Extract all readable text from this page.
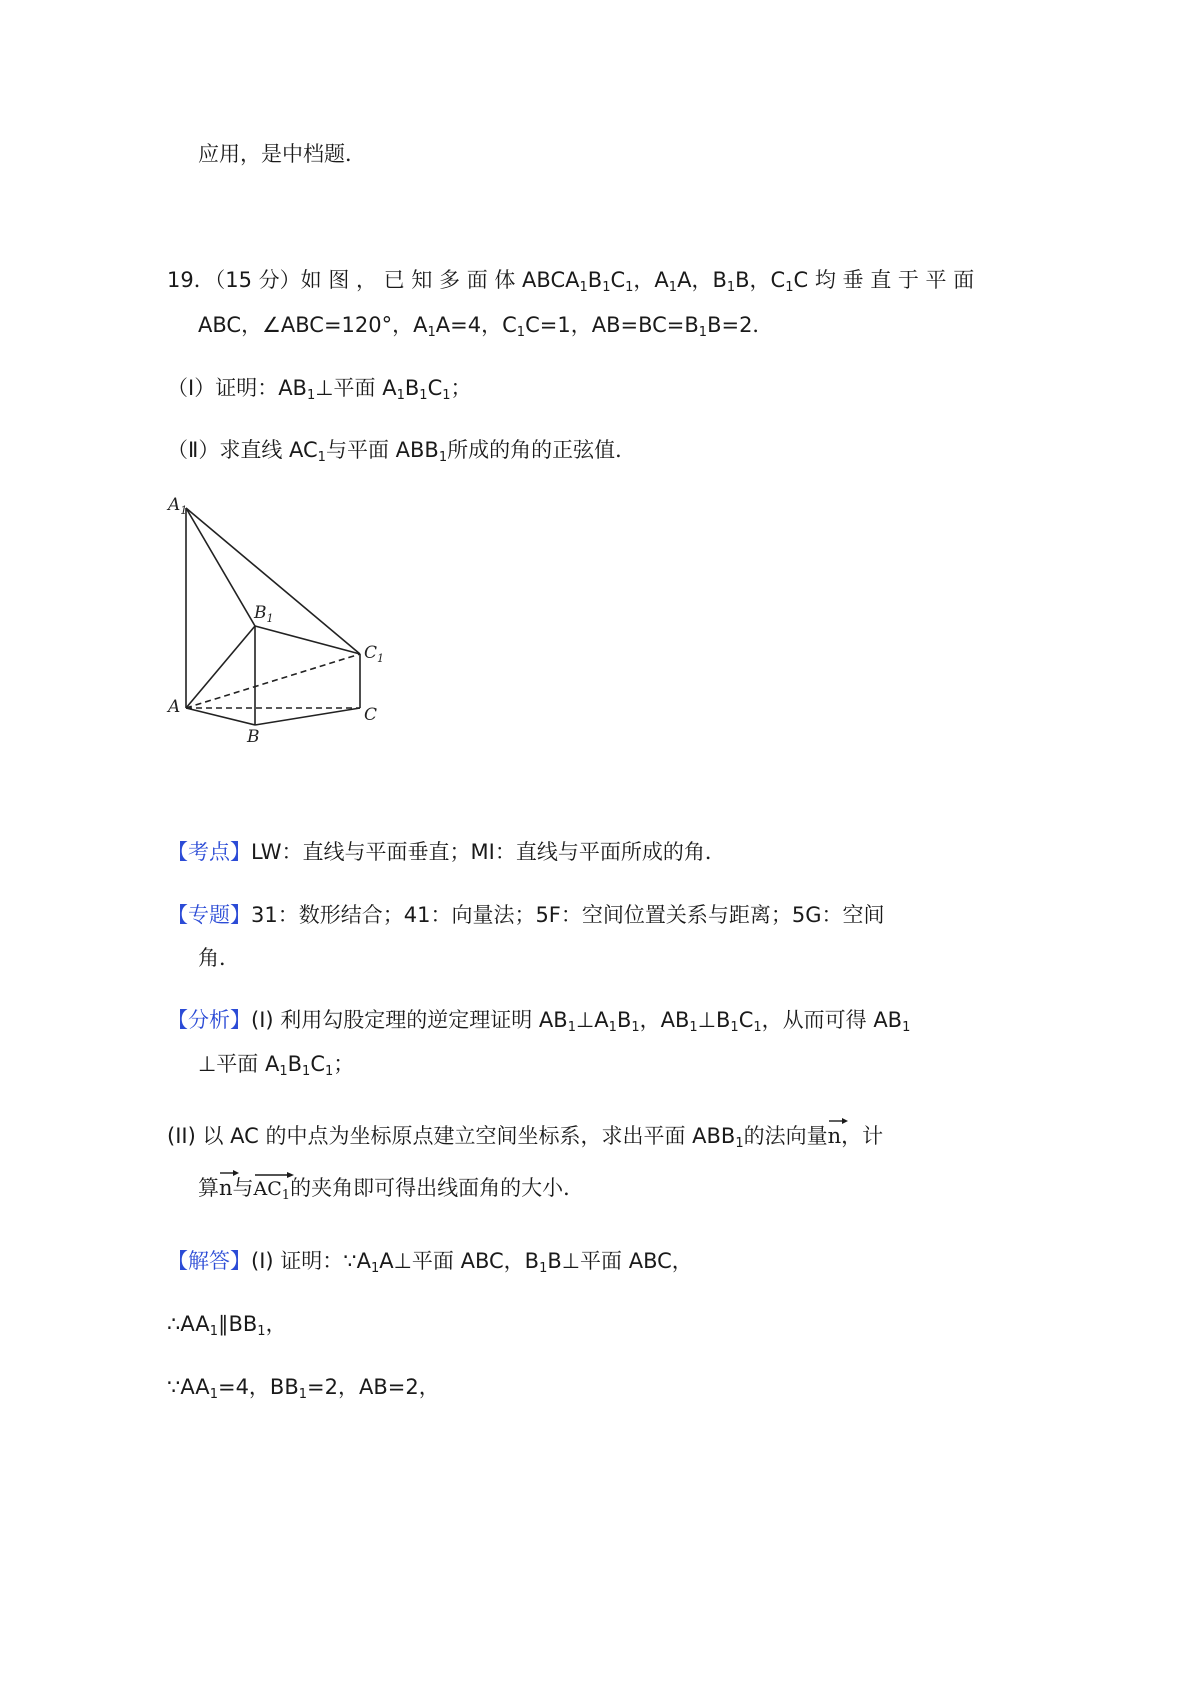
应用，是中档题．
19．（15 分）如 图 ， 已 知 多 面 体 $ABCA_1B_1C_1$，$A_1A$，$B_1B$，$C_1C$ 均 垂 直 于 平 面
ABC，∠ABC=120°，$A_1A=4$，$C_1C=1$，$AB=BC=B_1B=2$．
（Ⅰ）证明：$AB_1\perp$平面 $A_1B_1C_1$；
（Ⅱ）求直线 $AC_1$与平面 $ABB_1$所成的角的正弦值．
$A_1$
$B_1$
$C_1$
A
B
C
【考点】LW：直线与平面垂直；MI：直线与平面所成的角．
【专题】31：数形结合；41：向量法；5F：空间位置关系与距离；5G：空间
角．
【分析】(I) 利用勾股定理的逆定理证明 $AB_1\perp A_1B_1$，$AB_1\perp B_1C_1$，从而可得 $AB_1$
⊥平面 $A_1B_1C_1$；
(II) 以 AC 的中点为坐标原点建立空间坐标系，求出平面 $ABB_1$的法向量
n，计
算
n与
$AC_1$的夹角即可得出线面角的大小．
【解答】(I) 证明：$\because A_1A\perp$平面 ABC，$B_1B\perp$平面 ABC，
$\therefore AA_1\parallel BB_1$，
$\because AA_1=4$，$BB_1=2$，AB=2，
